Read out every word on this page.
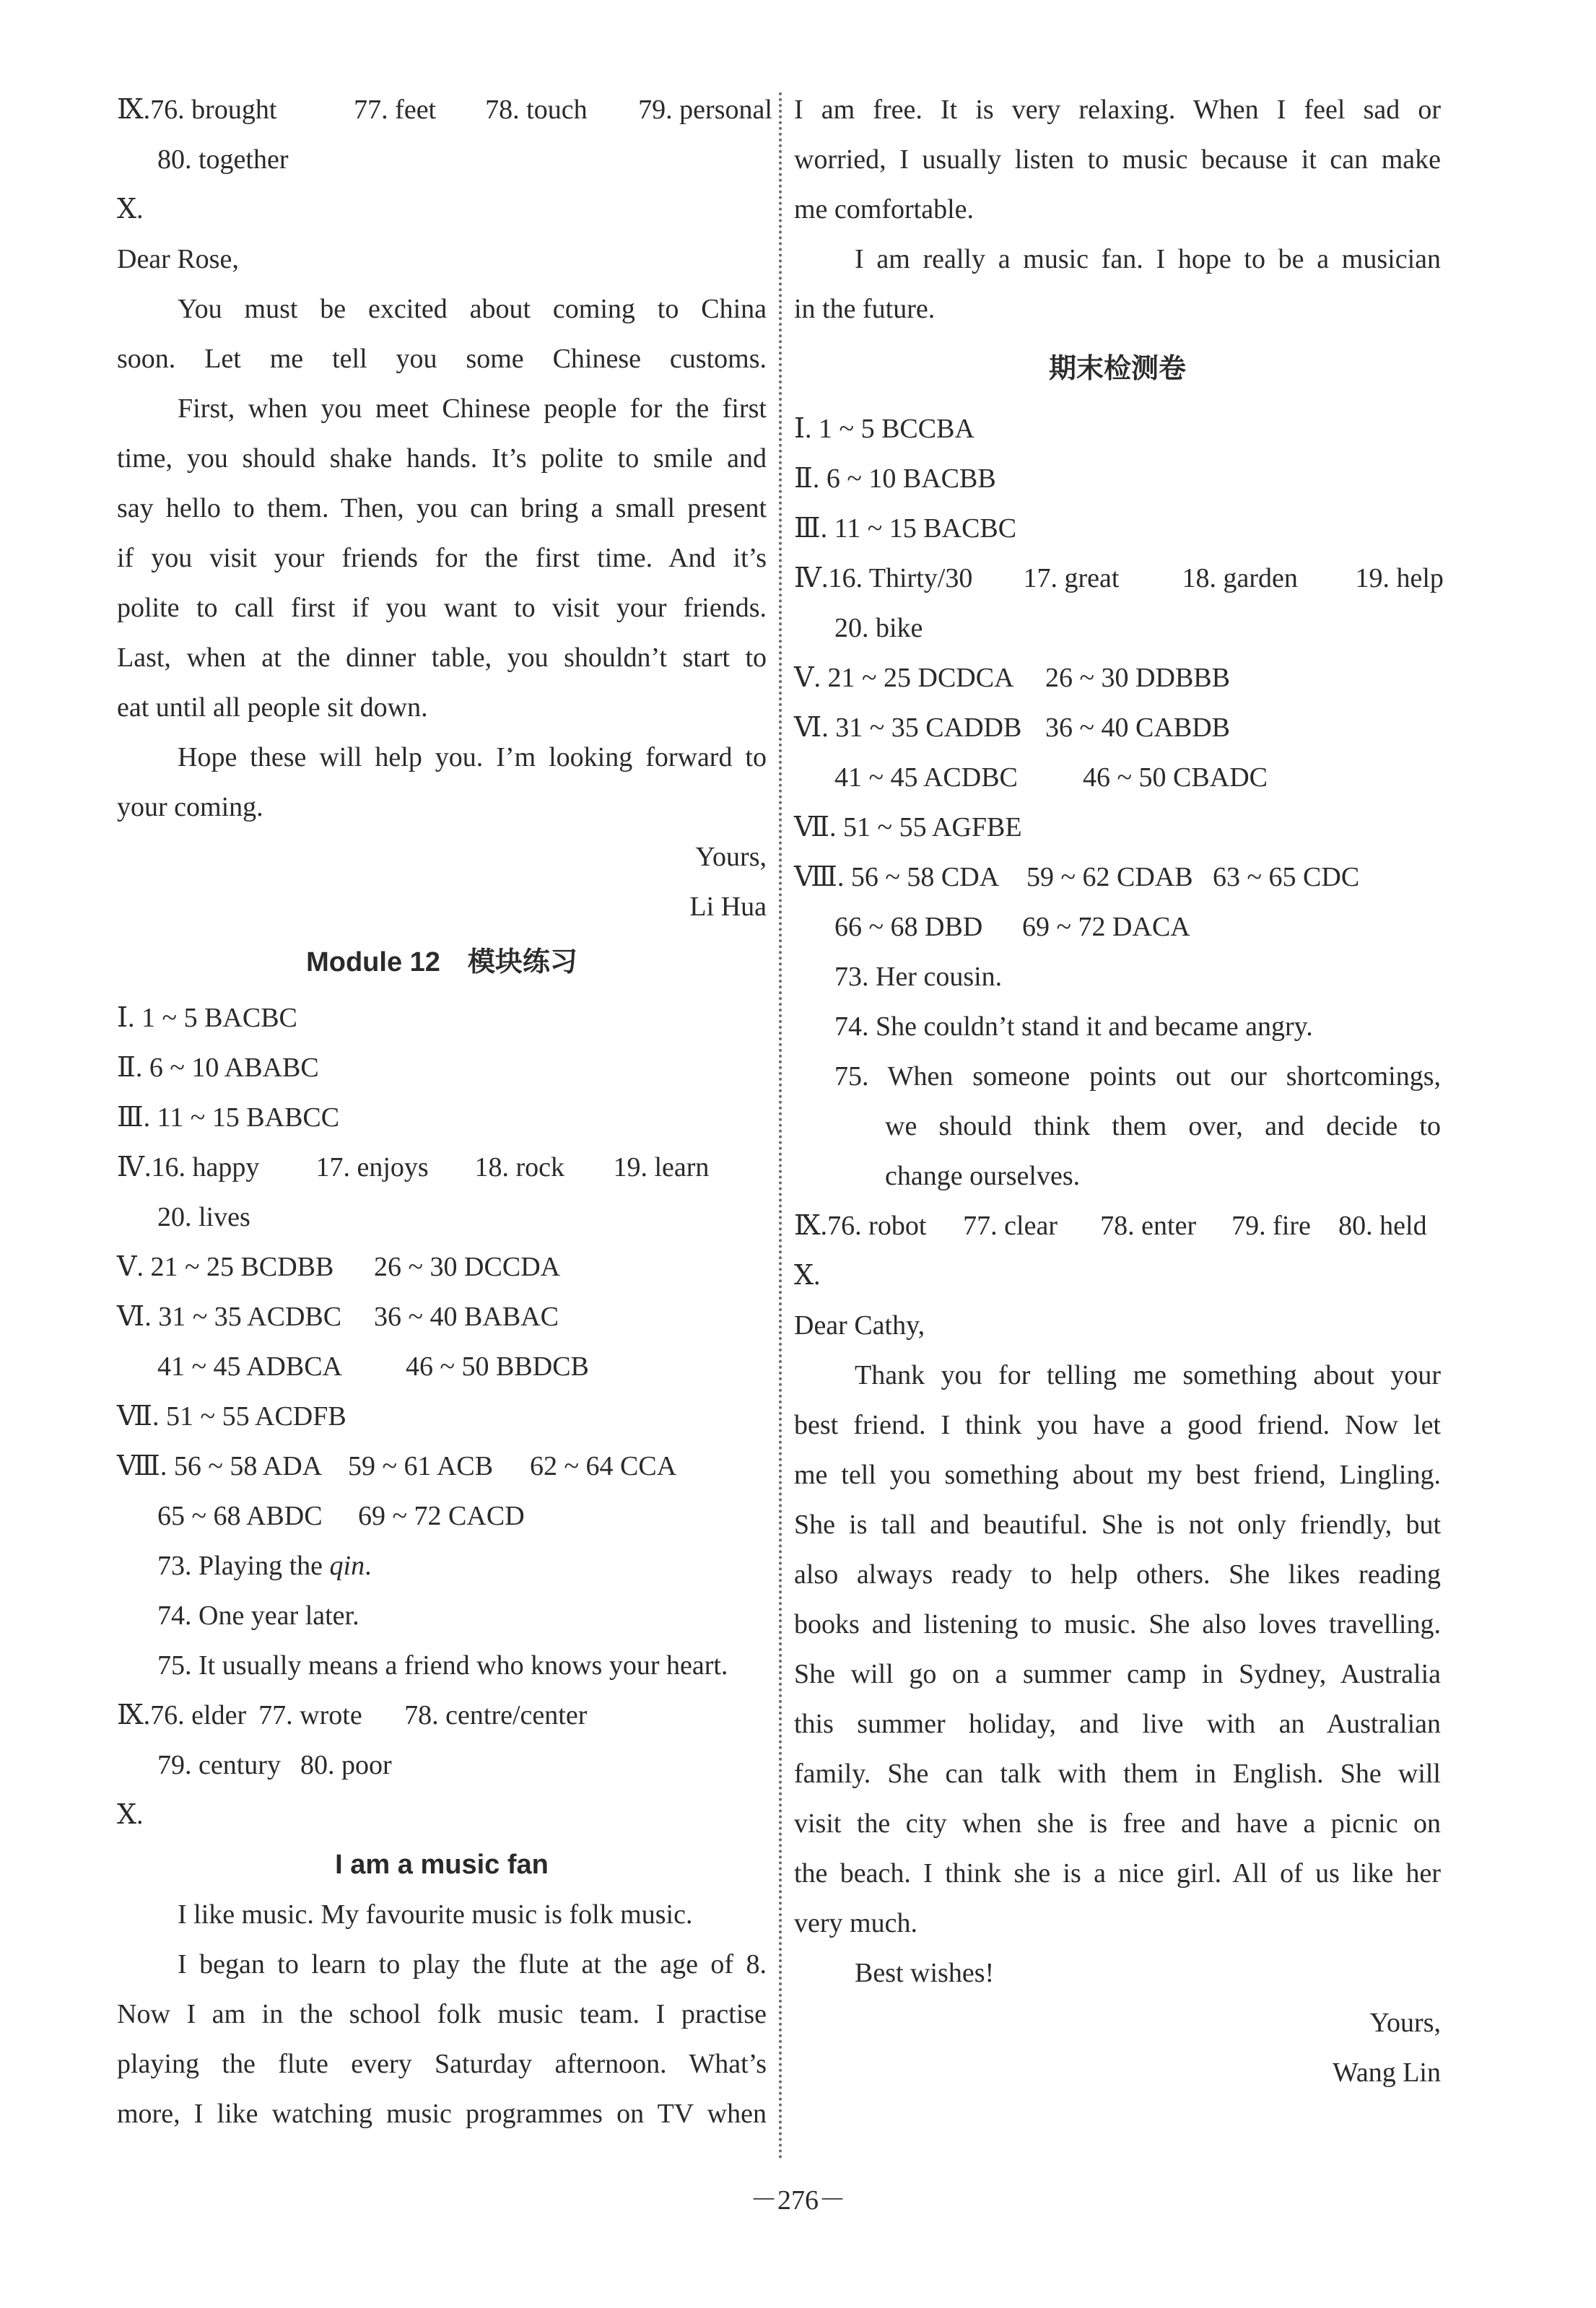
Ⅸ.76. brought	77. feet 78. touch 79. personal
80. together
Ⅹ.
Dear Rose,
You must be excited about coming to China
soon. Let me tell you some Chinese customs.
First, when you meet Chinese people for the first
time, you should shake hands. It’s polite to smile and
say hello to them. Then, you can bring a small present
if you visit your friends for the first time. And it’s
polite to call first if you want to visit your friends.
Last, when at the dinner table, you shouldn’t start to
eat until all people sit down.
Hope these will help you. I’m looking forward to
your coming.
Yours,
Li Hua
Module 12　模块练习
Ⅰ. 1 ~ 5 BACBC
Ⅱ. 6 ~ 10 ABABC
Ⅲ. 11 ~ 15 BABCC
Ⅳ.16. happy 17. enjoys 18. rock 19. learn
20. lives
Ⅴ. 21 ~ 25 BCDBB 26 ~ 30 DCCDA
Ⅵ. 31 ~ 35 ACDBC 36 ~ 40 BABAC
41 ~ 45 ADBCA 46 ~ 50 BBDCB
Ⅶ. 51 ~ 55 ACDFB
Ⅷ. 56 ~ 58 ADA 59 ~ 61 ACB 62 ~ 64 CCA
65 ~ 68 ABDC 69 ~ 72 CACD
73. Playing the qin.
74. One year later.
75. It usually means a friend who knows your heart.
Ⅸ.76. elder 77. wrote 78. centre/center
79. century 80. poor
Ⅹ.
I am a music fan
I like music. My favourite music is folk music.
I began to learn to play the flute at the age of 8.
Now I am in the school folk music team. I practise
playing the flute every Saturday afternoon. What’s
more, I like watching music programmes on TV when
I am free. It is very relaxing. When I feel sad or
worried, I usually listen to music because it can make
me comfortable.
I am really a music fan. I hope to be a musician
in the future.
期末检测卷
Ⅰ. 1 ~ 5 BCCBA
Ⅱ. 6 ~ 10 BACBB
Ⅲ. 11 ~ 15 BACBC
Ⅳ.16. Thirty/30 17. great 18. garden 19. help
20. bike
Ⅴ. 21 ~ 25 DCDCA 26 ~ 30 DDBBB
Ⅵ. 31 ~ 35 CADDB 36 ~ 40 CABDB
41 ~ 45 ACDBC 46 ~ 50 CBADC
Ⅶ. 51 ~ 55 AGFBE
Ⅷ. 56 ~ 58 CDA 59 ~ 62 CDAB 63 ~ 65 CDC
66 ~ 68 DBD 69 ~ 72 DACA
73. Her cousin.
74. She couldn’t stand it and became angry.
75. When someone points out our shortcomings,
we should think them over, and decide to
change ourselves.
Ⅸ.76. robot 77. clear 78. enter 79. fire 80. held
Ⅹ.
Dear Cathy,
Thank you for telling me something about your
best friend. I think you have a good friend. Now let
me tell you something about my best friend, Lingling.
She is tall and beautiful. She is not only friendly, but
also always ready to help others. She likes reading
books and listening to music. She also loves travelling.
She will go on a summer camp in Sydney, Australia
this summer holiday, and live with an Australian
family. She can talk with them in English. She will
visit the city when she is free and have a picnic on
the beach. I think she is a nice girl. All of us like her
very much.
Best wishes!
Yours,
Wang Lin
－276－
